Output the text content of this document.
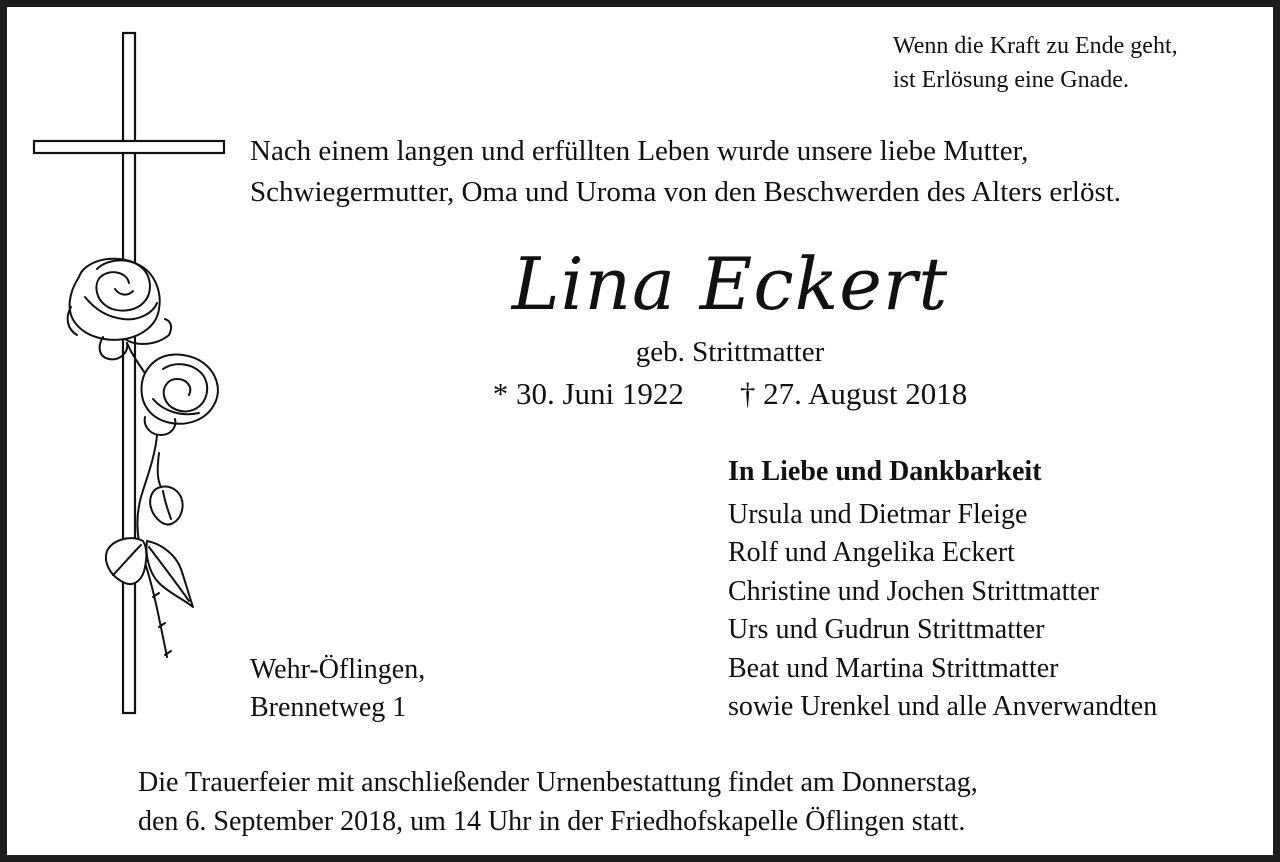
Wenn die Kraft zu Ende geht,
ist Erlösung eine Gnade.
Nach einem langen und erfüllten Leben wurde unsere liebe Mutter,
Schwiegermutter, Oma und Uroma von den Beschwerden des Alters erlöst.
Lina Eckert
geb. Strittmatter
* 30. Juni 1922 † 27. August 2018
In Liebe und Dankbarkeit
Ursula und Dietmar Fleige
Rolf und Angelika Eckert
Christine und Jochen Strittmatter
Urs und Gudrun Strittmatter
Beat und Martina Strittmatter
sowie Urenkel und alle Anverwandten
Wehr-Öflingen,
Brennetweg 1
Die Trauerfeier mit anschließender Urnenbestattung findet am Donnerstag,
den 6. September 2018, um 14 Uhr in der Friedhofskapelle Öflingen statt.
